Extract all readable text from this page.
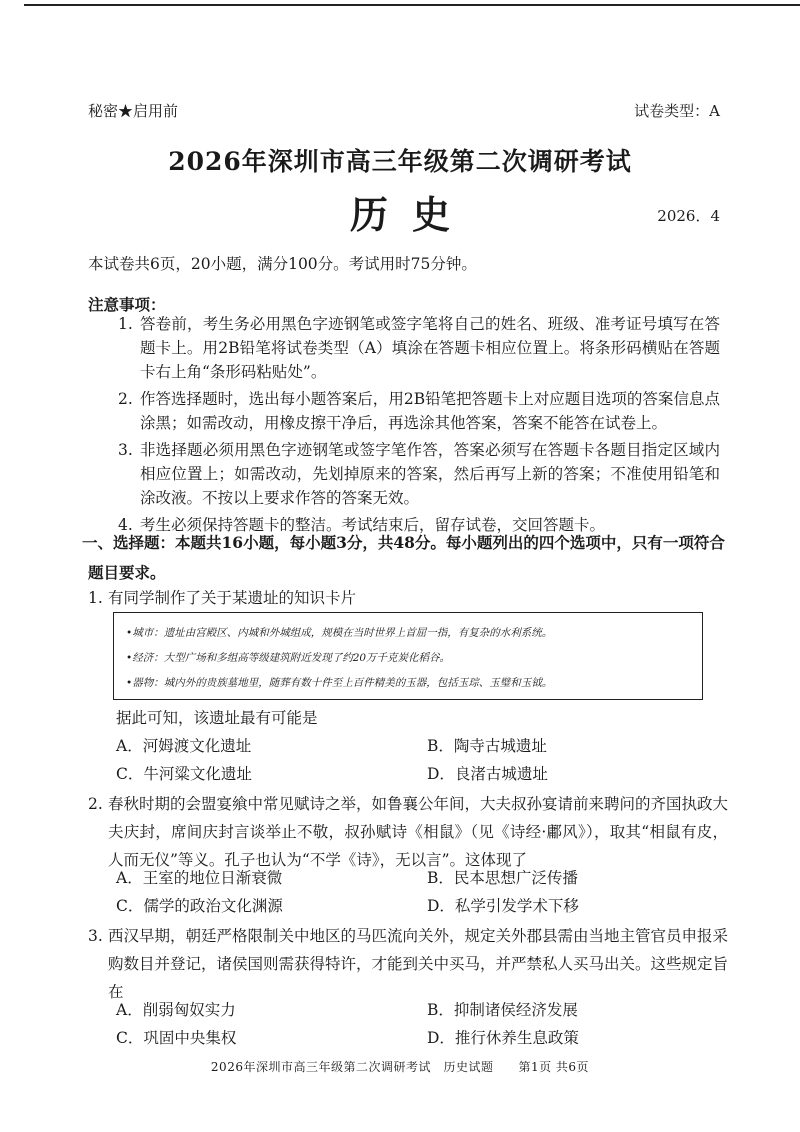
秘密★启用前	试卷类型：A
2026年深圳市高三年级第二次调研考试
历史	2026．4
本试卷共6页，20小题，满分100分。考试用时75分钟。
注意事项：
1. 答卷前，考生务必用黑色字迹钢笔或签字笔将自己的姓名、班级、准考证号填写在答题卡上。用2B铅笔将试卷类型（A）填涂在答题卡相应位置上。将条形码横贴在答题卡右上角“条形码粘贴处”。
2. 作答选择题时，选出每小题答案后，用2B铅笔把答题卡上对应题目选项的答案信息点涂黑；如需改动，用橡皮擦干净后，再选涂其他答案，答案不能答在试卷上。
3. 非选择题必须用黑色字迹钢笔或签字笔作答，答案必须写在答题卡各题目指定区域内相应位置上；如需改动，先划掉原来的答案，然后再写上新的答案；不准使用铅笔和涂改液。不按以上要求作答的答案无效。
4. 考生必须保持答题卡的整洁。考试结束后，留存试卷，交回答题卡。
一、选择题：本题共16小题，每小题3分，共48分。每小题列出的四个选项中，只有一项符合题目要求。
1. 有同学制作了关于某遗址的知识卡片
•城市：遗址由宫殿区、内城和外城组成，规模在当时世界上首屈一指，有复杂的水利系统。
•经济：大型广场和多组高等级建筑附近发现了约20万千克炭化稻谷。
•器物：城内外的贵族墓地里，随葬有数十件至上百件精美的玉器，包括玉琮、玉璧和玉钺。
据此可知，该遗址最有可能是
A．河姆渡文化遗址	B．陶寺古城遗址
C．牛河粱文化遗址	D．良渚古城遗址
2. 春秋时期的会盟宴飨中常见赋诗之举，如鲁襄公年间，大夫叔孙宴请前来聘问的齐国执政大夫庆封，席间庆封言谈举止不敬，叔孙赋诗《相鼠》（见《诗经·鄘风》），取其“相鼠有皮，人而无仪”等义。孔子也认为“不学《诗》，无以言”。这体现了
A．王室的地位日渐衰微	B．民本思想广泛传播
C．儒学的政治文化渊源	D．私学引发学术下移
3. 西汉早期，朝廷严格限制关中地区的马匹流向关外，规定关外郡县需由当地主管官员申报采购数目并登记，诸侯国则需获得特许，才能到关中买马，并严禁私人买马出关。这些规定旨在
A．削弱匈奴实力	B．抑制诸侯经济发展
C．巩固中央集权	D．推行休养生息政策
2026年深圳市高三年级第二次调研考试　历史试题　　第1页 共6页
